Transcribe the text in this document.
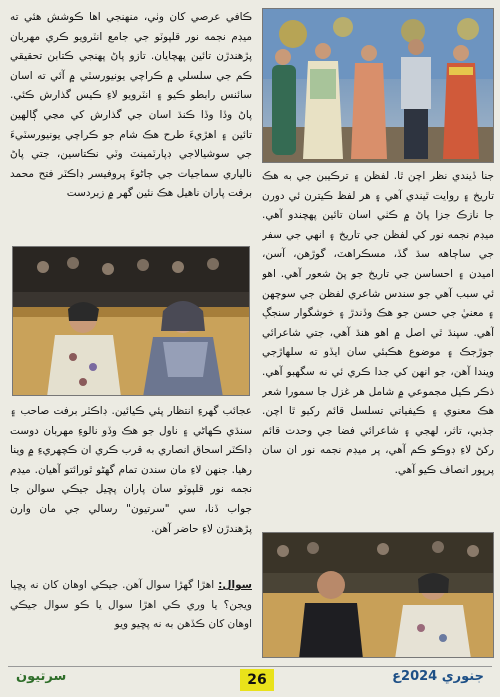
ڪافي عرصي کان وٺي، منهنجي اها ڪوشش هئي ته ميڊم نجمه نور قلپوٽو جي جامع انٽرويو ڪري مهربان پڙهندڙن تائين پهچايان. تازو پاڻ پهنجي ڪتابن تحقيقي ڪم جي سلسلي ۾ ڪراچي يونيورسٽي ۾ آئي ته اسان سائنس رابطو ڪيو ۽ انٽرويو لاءِ ڪيس گذارش ڪئي. پاڻ وڏا وڏا ڪنڌ اسان جي گذارش کي مڃي ڳالهين تائين ۽ اهڙيءَ طرح هڪ شام جو ڪراچي يونيورسٽيءَ جي سوشيالاجي ڊپارٽمينٽ وٽي نڪتاسين، جتي پاڻ نالياري سماجيات جي ڄاڻوءَ پروفيسر ڊاڪٽر فتح محمد برفت پاران ناهيل هڪ نئين گهر ۾ زبردست

جنا ڏيندي نظر اچن ٿا. لفظن ۽ ترڪيبن جي به هڪ تاريخ ۽ روايت ٿيندي آهي ۽ هر لفظ ڪيترن ئي دورن جا نازڪ جزا پاڻ ۾ ڪٺي اسان تائين پهچندو آهي. ميڊم نجمه نور کي لفظن جي تاريخ ۽ انهي جي سفر جي ساڄاهه سڌ گڏ، مسڪراهٽ، گوڙهن، آسن، اميدن ۽ احساسن جي تاريخ جو پڻ شعور آهي. اهو ئي سبب آهي جو سندس شاعري لفظن جي سوچهن ۽ معنيٰ جي حسن جو هڪ وڏندڙ ۽ خوشگوار سنجڳ آهي. سپنڌ ٿي اصل ۾ اهو هنڌ آهي، جتي شاعرائي جوڙجڪ ۽ موضوع هڪبئي سان ايڏو ته سلهاڙجي ويندا آهن، جو انهن کي جدا ڪري ئي نه سگهبو آهي. ذڪر ڪيل مجموعي ۾ شامل هر غزل جا سمورا شعر هڪ معنوي ۽ ڪيفياتي تسلسل قائم رکيو ٿا اچن. جذبي، تاثر، لهجي ۽ شاعرائي فضا جي وحدت قائم رکڻ لاءِ ڊوڪو ڪم آهي، پر ميڊم نجمه نور ان سان پرپور انصاف ڪيو آهي.

عجائب گهرءِ انتظار پئي ڪيائين. ڊاڪٽر برفت صاحب ۽ سنڌي ڪهاڻي ۽ ناول جو هڪ وڏو نالوءِ مهربان دوست ڊاڪٽر اسحاق انصاري به قرب ڪري ان ڪچهريءِ ۾ وينا رهيا. جنهن لاءِ مان سندن تمام گهڻو ٿورائتو آهيان. ميڊم نجمه نور قلپوٽو سان پاران پڇيل جيڪي سوالن جا جواب ڏنا، سي "سرتيون" رسالي جي مان وارن پڙهندڙن لاءِ حاضر آهن.

سوال: اهڙا گهڙا سوال آهن. جيڪي اوهان کان نه پڇيا ويجن؟ يا وري ڪي اهڙا سوال يا ڪو سوال جيڪي اوهان کان ڪڏهن به نه پڇيو ويو

سرتيون	26	جنوري 2024ع
